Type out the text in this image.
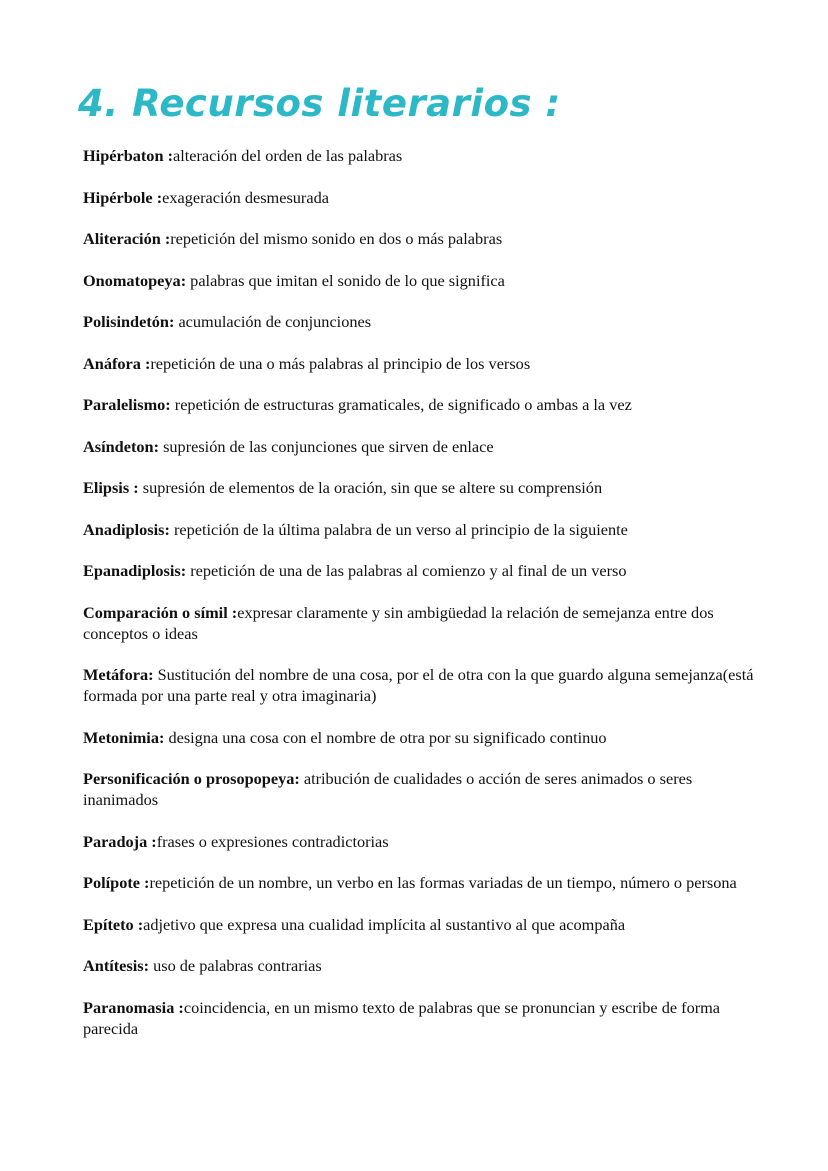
4. Recursos literarios :
Hipérbaton :alteración del orden de las palabras
Hipérbole :exageración desmesurada
Aliteración :repetición del mismo sonido en dos o más palabras
Onomatopeya: palabras que imitan el sonido de lo que significa
Polisindetón: acumulación de conjunciones
Anáfora :repetición de una o más palabras al principio de los versos
Paralelismo: repetición de estructuras gramaticales, de significado o ambas a la vez
Asíndeton: supresión de las conjunciones que sirven de enlace
Elipsis : supresión de elementos de la oración, sin que se altere su comprensión
Anadiplosis: repetición de la última palabra de un verso al principio de la siguiente
Epanadiplosis: repetición de una de las palabras al comienzo y al final de un verso
Comparación o símil :expresar claramente y sin ambigüedad la relación de semejanza entre dos conceptos o ideas
Metáfora: Sustitución del nombre de una cosa, por el de otra con la que guardo alguna semejanza(está formada por una parte real y otra imaginaria)
Metonimia: designa una cosa con el nombre de otra por su significado continuo
Personificación o prosopopeya: atribución de cualidades o acción de seres animados o seres inanimados
Paradoja :frases o expresiones contradictorias
Polípote :repetición de un nombre, un verbo en las formas variadas de un tiempo, número o persona
Epíteto :adjetivo que expresa una cualidad implícita al sustantivo al que acompaña
Antítesis: uso de palabras contrarias
Paranomasia :coincidencia, en un mismo texto de palabras que se pronuncian y escribe de forma parecida
